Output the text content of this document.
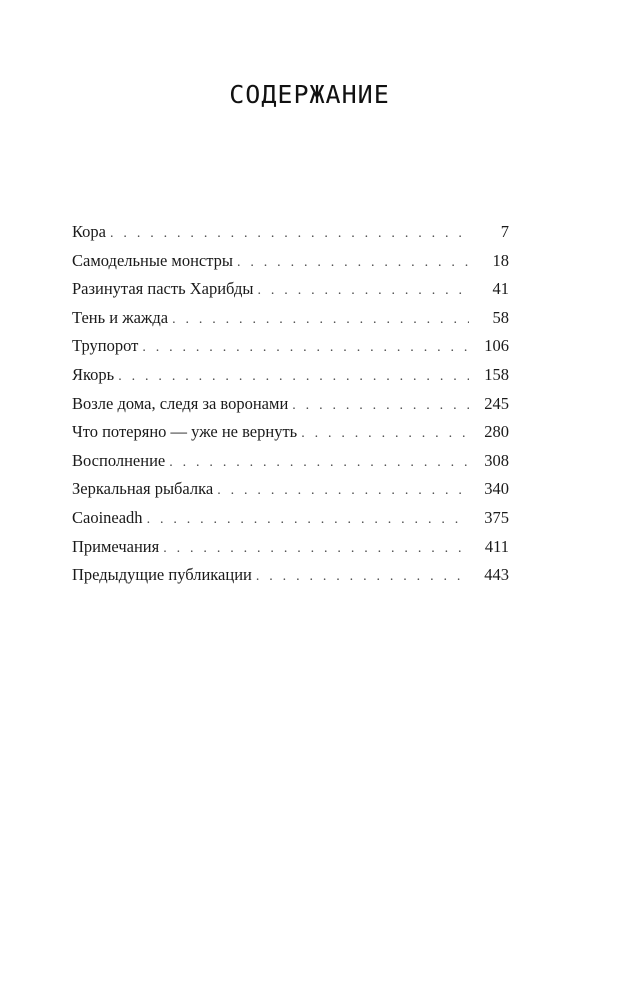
СОДЕРЖАНИЕ
Кора . . .	7
Самодельные монстры . . .	18
Разинутая пасть Харибды . . .	41
Тень и жажда . . .	58
Трупорот . . .	106
Якорь . . .	158
Возле дома, следя за воронами . . .	245
Что потеряно — уже не вернуть . . .	280
Восполнение . . .	308
Зеркальная рыбалка . . .	340
Caoineadh . . .	375
Примечания . . .	411
Предыдущие публикации . . .	443
